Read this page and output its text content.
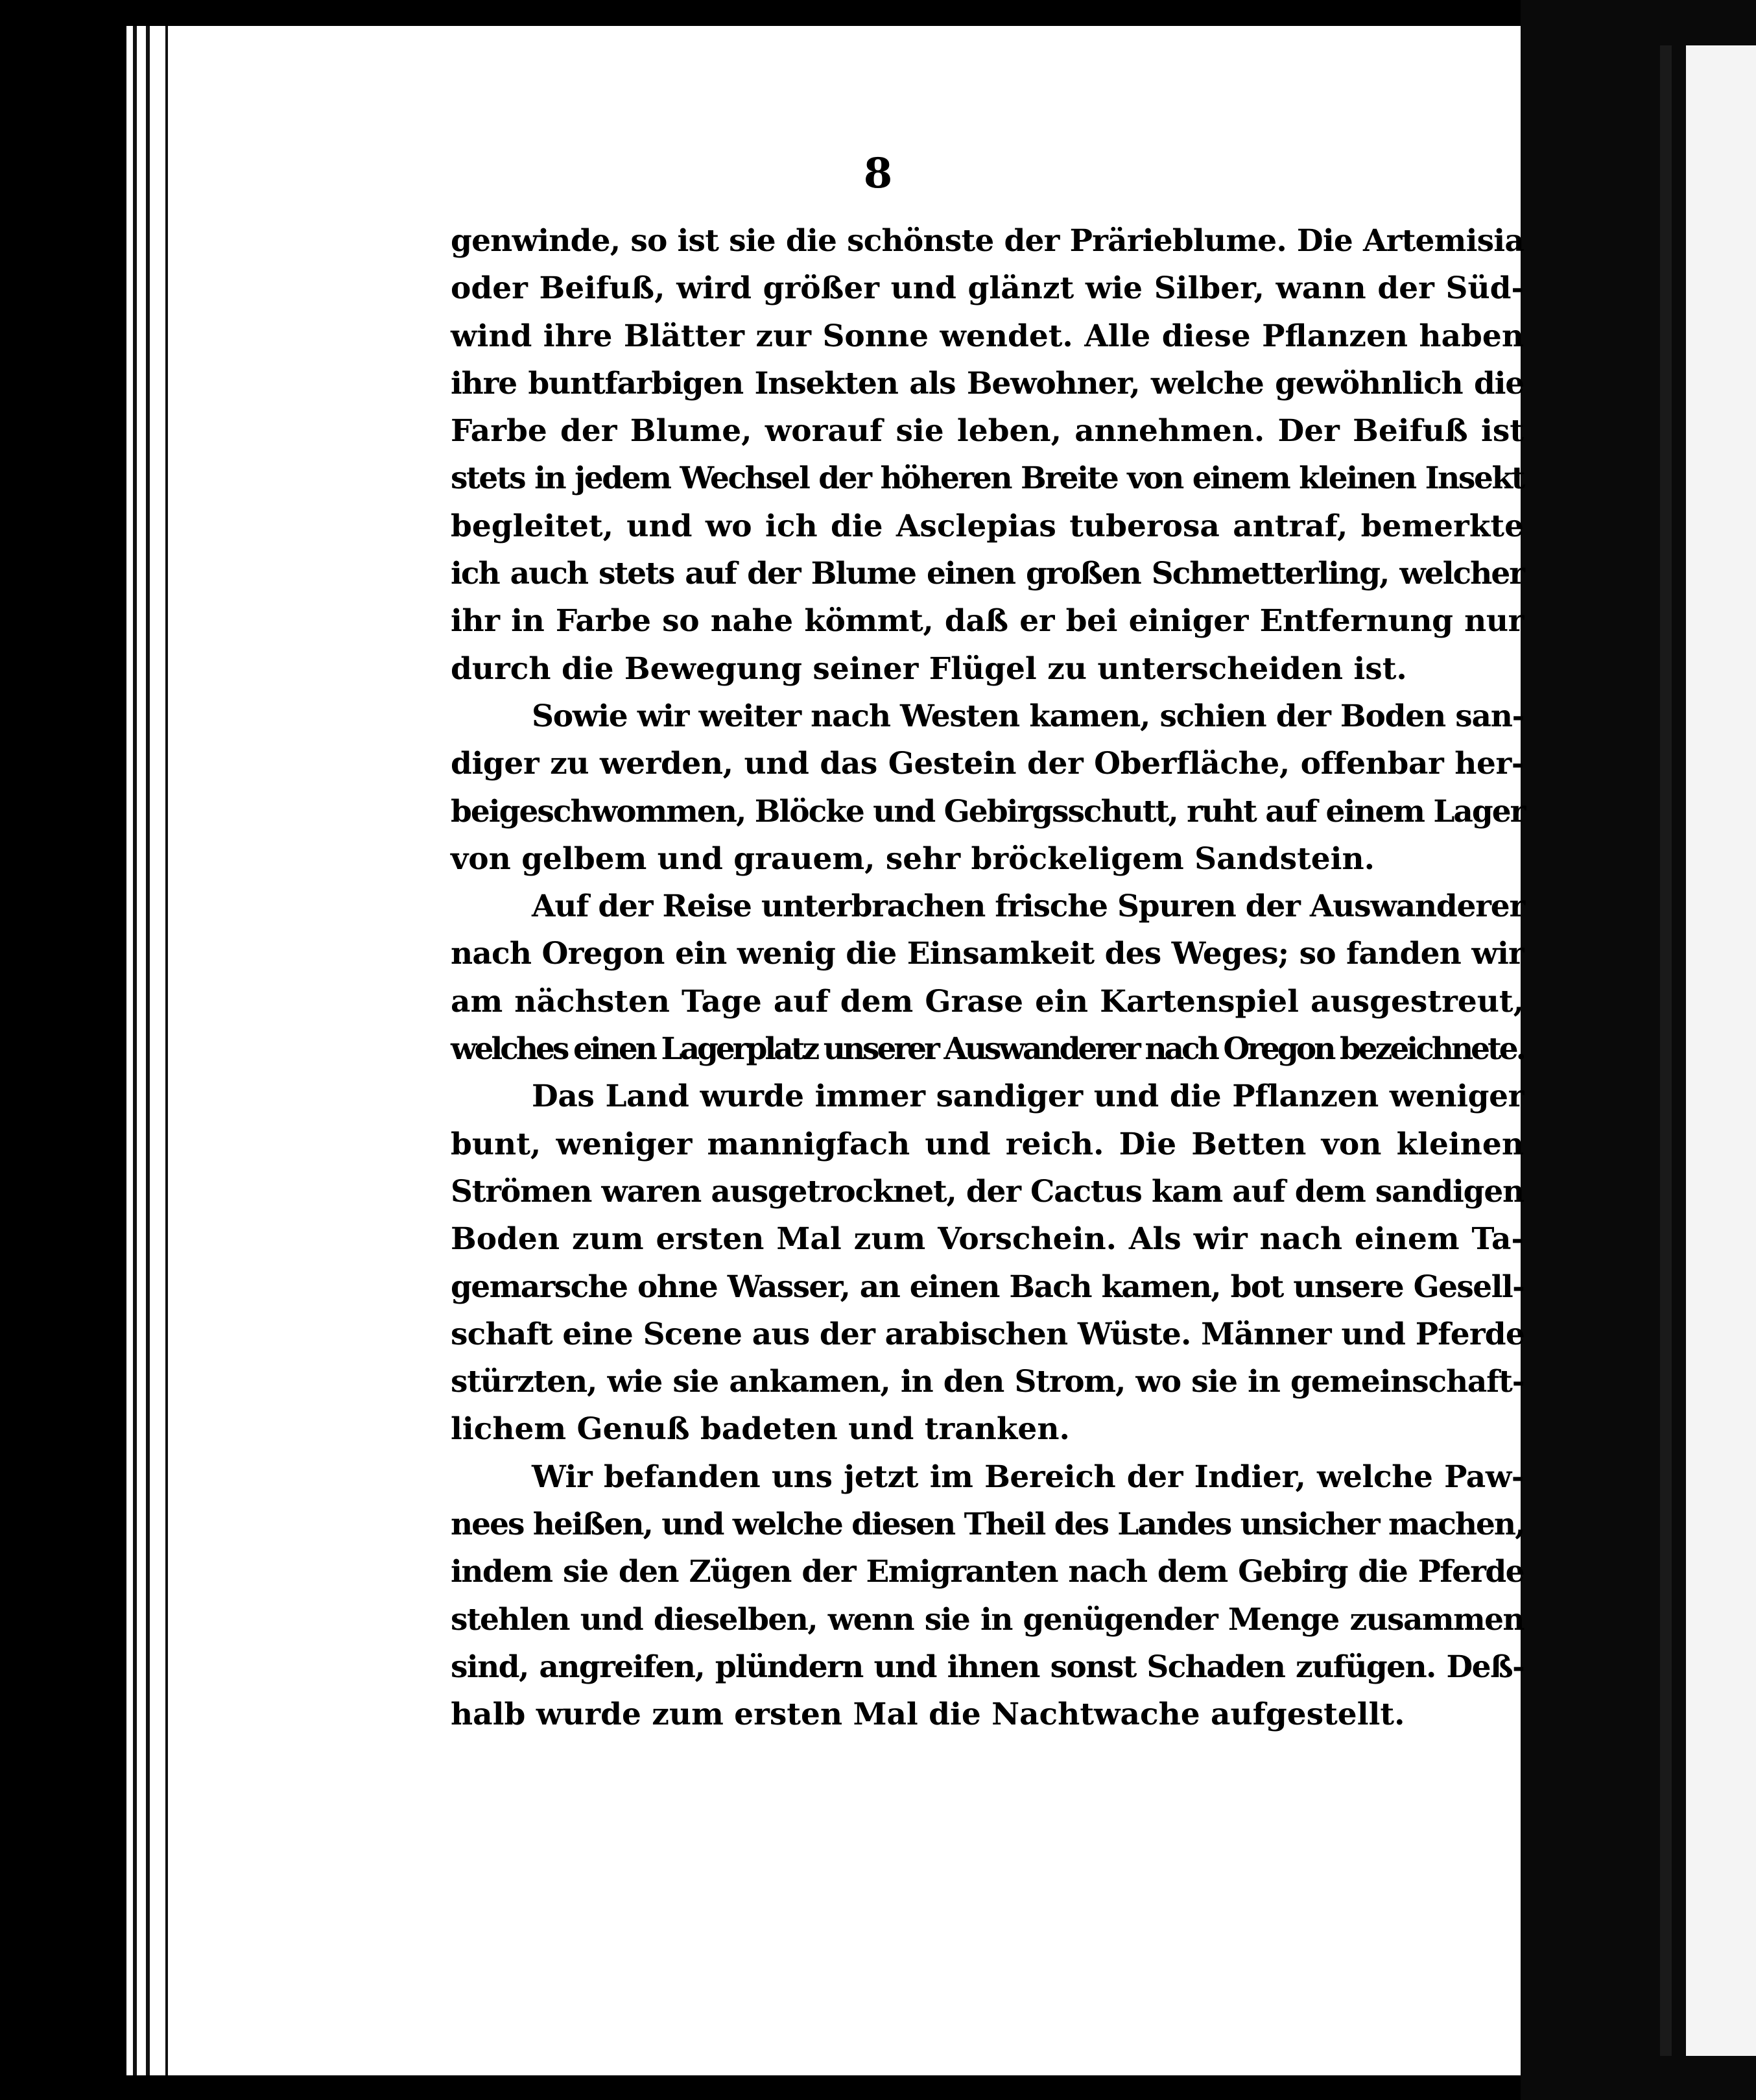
8
genwinde, so ist sie die schönste der Prärieblume. Die Artemisia
oder Beifuß, wird größer und glänzt wie Silber, wann der Süd-
wind ihre Blätter zur Sonne wendet. Alle diese Pflanzen haben
ihre buntfarbigen Insekten als Bewohner, welche gewöhnlich die
Farbe der Blume, worauf sie leben, annehmen. Der Beifuß ist
stets in jedem Wechsel der höheren Breite von einem kleinen Insekt
begleitet, und wo ich die Asclepias tuberosa antraf, bemerkte
ich auch stets auf der Blume einen großen Schmetterling, welcher
ihr in Farbe so nahe kömmt, daß er bei einiger Entfernung nur
durch die Bewegung seiner Flügel zu unterscheiden ist.
Sowie wir weiter nach Westen kamen, schien der Boden san-
diger zu werden, und das Gestein der Oberfläche, offenbar her-
beigeschwommen, Blöcke und Gebirgsschutt, ruht auf einem Lager
von gelbem und grauem, sehr bröckeligem Sandstein.
Auf der Reise unterbrachen frische Spuren der Auswanderer
nach Oregon ein wenig die Einsamkeit des Weges; so fanden wir
am nächsten Tage auf dem Grase ein Kartenspiel ausgestreut,
welches einen Lagerplatz unserer Auswanderer nach Oregon bezeichnete.
Das Land wurde immer sandiger und die Pflanzen weniger
bunt, weniger mannigfach und reich. Die Betten von kleinen
Strömen waren ausgetrocknet, der Cactus kam auf dem sandigen
Boden zum ersten Mal zum Vorschein. Als wir nach einem Ta-
gemarsche ohne Wasser, an einen Bach kamen, bot unsere Gesell-
schaft eine Scene aus der arabischen Wüste. Männer und Pferde
stürzten, wie sie ankamen, in den Strom, wo sie in gemeinschaft-
lichem Genuß badeten und tranken.
Wir befanden uns jetzt im Bereich der Indier, welche Paw-
nees heißen, und welche diesen Theil des Landes unsicher machen,
indem sie den Zügen der Emigranten nach dem Gebirg die Pferde
stehlen und dieselben, wenn sie in genügender Menge zusammen
sind, angreifen, plündern und ihnen sonst Schaden zufügen. Deß-
halb wurde zum ersten Mal die Nachtwache aufgestellt.
